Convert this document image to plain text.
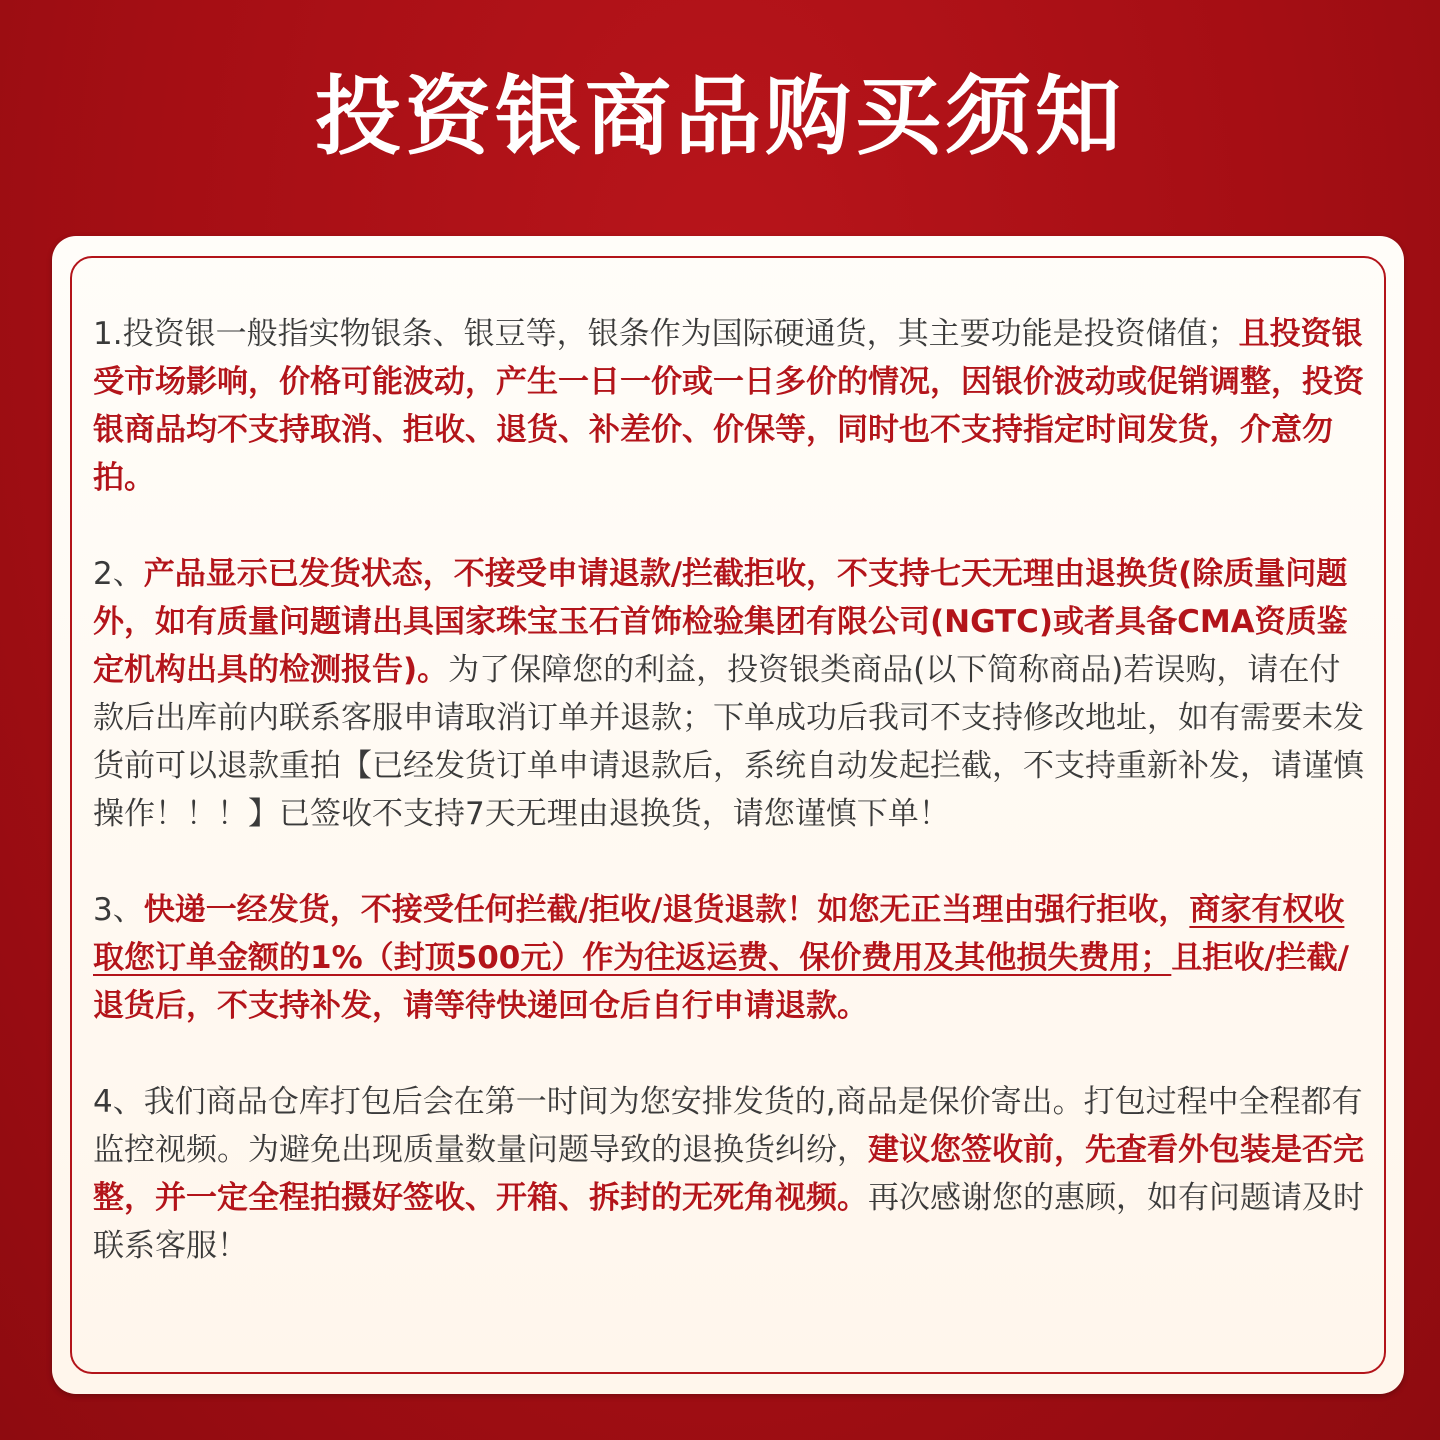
投资银商品购买须知

1.投资银一般指实物银条、银豆等，银条作为国际硬通货，其主要功能是投资储值；且投资银受市场影响，价格可能波动，产生一日一价或一日多价的情况，因银价波动或促销调整，投资银商品均不支持取消、拒收、退货、补差价、价保等，同时也不支持指定时间发货，介意勿拍。

2、产品显示已发货状态，不接受申请退款/拦截拒收，不支持七天无理由退换货(除质量问题外，如有质量问题请出具国家珠宝玉石首饰检验集团有限公司(NGTC)或者具备CMA资质鉴定机构出具的检测报告)。为了保障您的利益，投资银类商品(以下简称商品)若误购，请在付款后出库前内联系客服申请取消订单并退款；下单成功后我司不支持修改地址，如有需要未发货前可以退款重拍【已经发货订单申请退款后，系统自动发起拦截，不支持重新补发，请谨慎操作！！！】已签收不支持7天无理由退换货，请您谨慎下单！

3、快递一经发货，不接受任何拦截/拒收/退货退款！如您无正当理由强行拒收，商家有权收取您订单金额的1%（封顶500元）作为往返运费、保价费用及其他损失费用；且拒收/拦截/退货后，不支持补发，请等待快递回仓后自行申请退款。

4、我们商品仓库打包后会在第一时间为您安排发货的,商品是保价寄出。打包过程中全程都有监控视频。为避免出现质量数量问题导致的退换货纠纷，建议您签收前，先查看外包装是否完整，并一定全程拍摄好签收、开箱、拆封的无死角视频。再次感谢您的惠顾，如有问题请及时联系客服！
